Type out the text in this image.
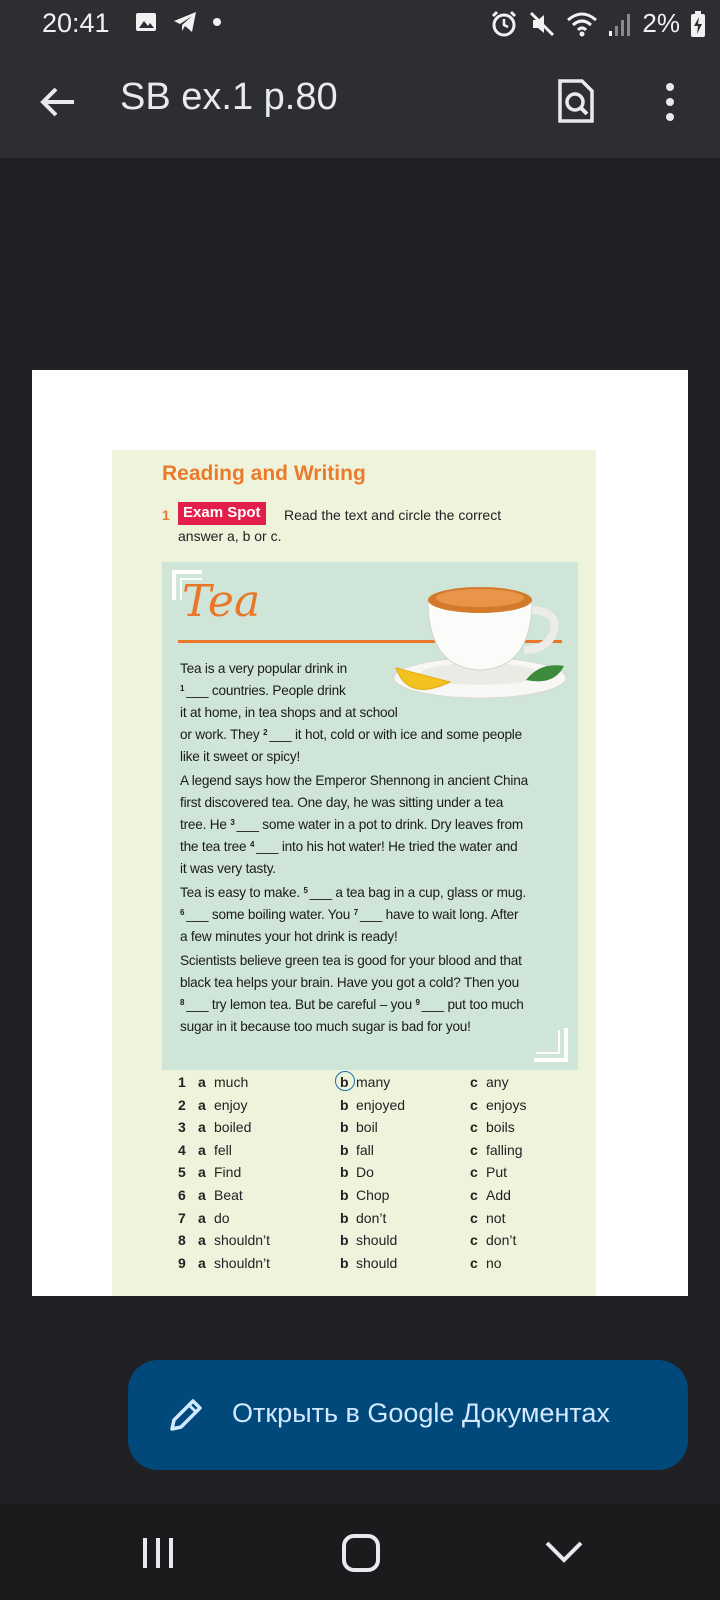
20:41	2%
SB ex.1 p.80
Reading and Writing
1 Exam Spot	Read the text and circle the correct
answer a, b or c.
Tea
Tea is a very popular drink in
$^1$ ___ countries. People drink
it at home, in tea shops and at school
or work. They $^2$ ___ it hot, cold or with ice and some people
like it sweet or spicy!
A legend says how the Emperor Shennong in ancient China
first discovered tea. One day, he was sitting under a tea
tree. He $^3$ ___ some water in a pot to drink. Dry leaves from
the tea tree $^4$ ___ into his hot water! He tried the water and
it was very tasty.
Tea is easy to make. $^5$ ___ a tea bag in a cup, glass or mug.
$^6$ ___ some boiling water. You $^7$ ___ have to wait long. After
a few minutes your hot drink is ready!
Scientists believe green tea is good for your blood and that
black tea helps your brain. Have you got a cold? Then you
$^8$ ___ try lemon tea. But be careful – you $^9$ ___ put too much
sugar in it because too much sugar is bad for you!
1 a much	b many	c any
2 a enjoy	b enjoyed	c enjoys
3 a boiled	b boil	c boils
4 a fell	b fall	c falling
5 a Find	b Do	c Put
6 a Beat	b Chop	c Add
7 a do	b don’t	c not
8 a shouldn’t	b should	c don’t
9 a shouldn’t	b should	c no
Открыть в Google Документах
